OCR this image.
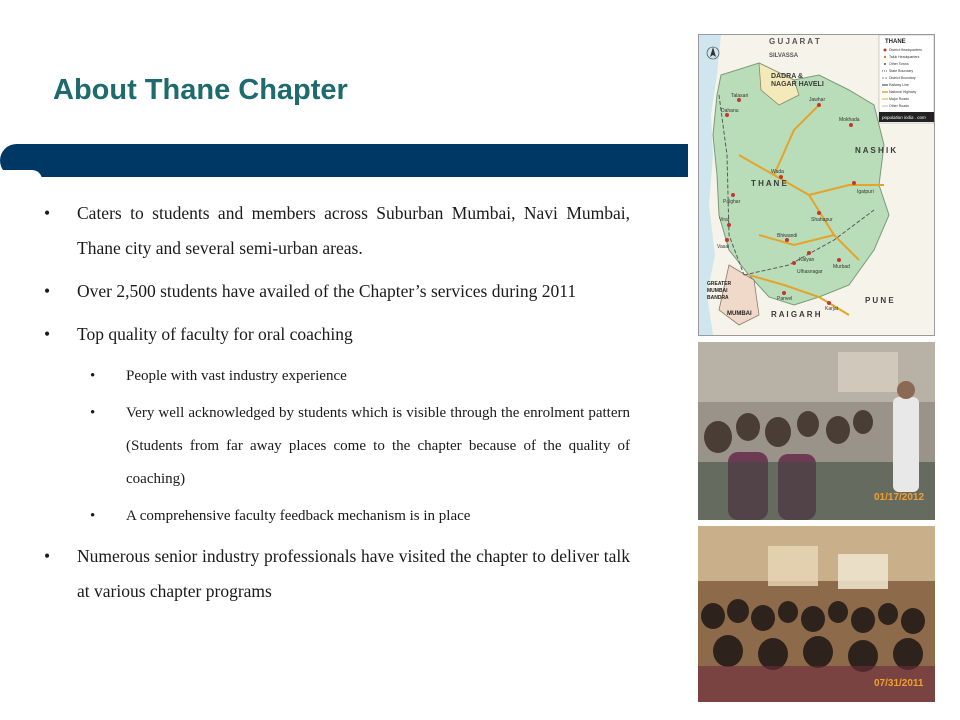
About Thane Chapter
• Caters to students and members across Suburban Mumbai, Navi Mumbai, Thane city and several semi-urban areas.
• Over 2,500 students have availed of the Chapter’s services during 2011
• Top quality of faculty for oral coaching
• People with vast industry experience
• Very well acknowledged by students which is visible through the enrolment pattern (Students from far away places come to the chapter because of the quality of coaching)
• A comprehensive faculty feedback mechanism is in place
• Numerous senior industry professionals have visited the chapter to deliver talk at various chapter programs
G U J A R A T
SILVASSA
DADRA &
NAGAR HAVELI
N A S H I K
T H A N E
P U N E
R A I G A R H
MUMBAI
GREATER
MUMBAI
BANDRA
Dahanu
Jawhar
Mokhada
Palghar
Wada
Igatpuri
Shahapur
Bhiwandi
Kalyan
Murbad
Panvel
Karjat
Vasai
Virar
Ulhasnagar
Talasari
THANE
District Headquarters
Taluk Headquarters
Other Towns
State Boundary
District Boundary
Railway Line
National Highway
Major Roads
Other Roads
population india . com
01/17/2012
07/31/2011
